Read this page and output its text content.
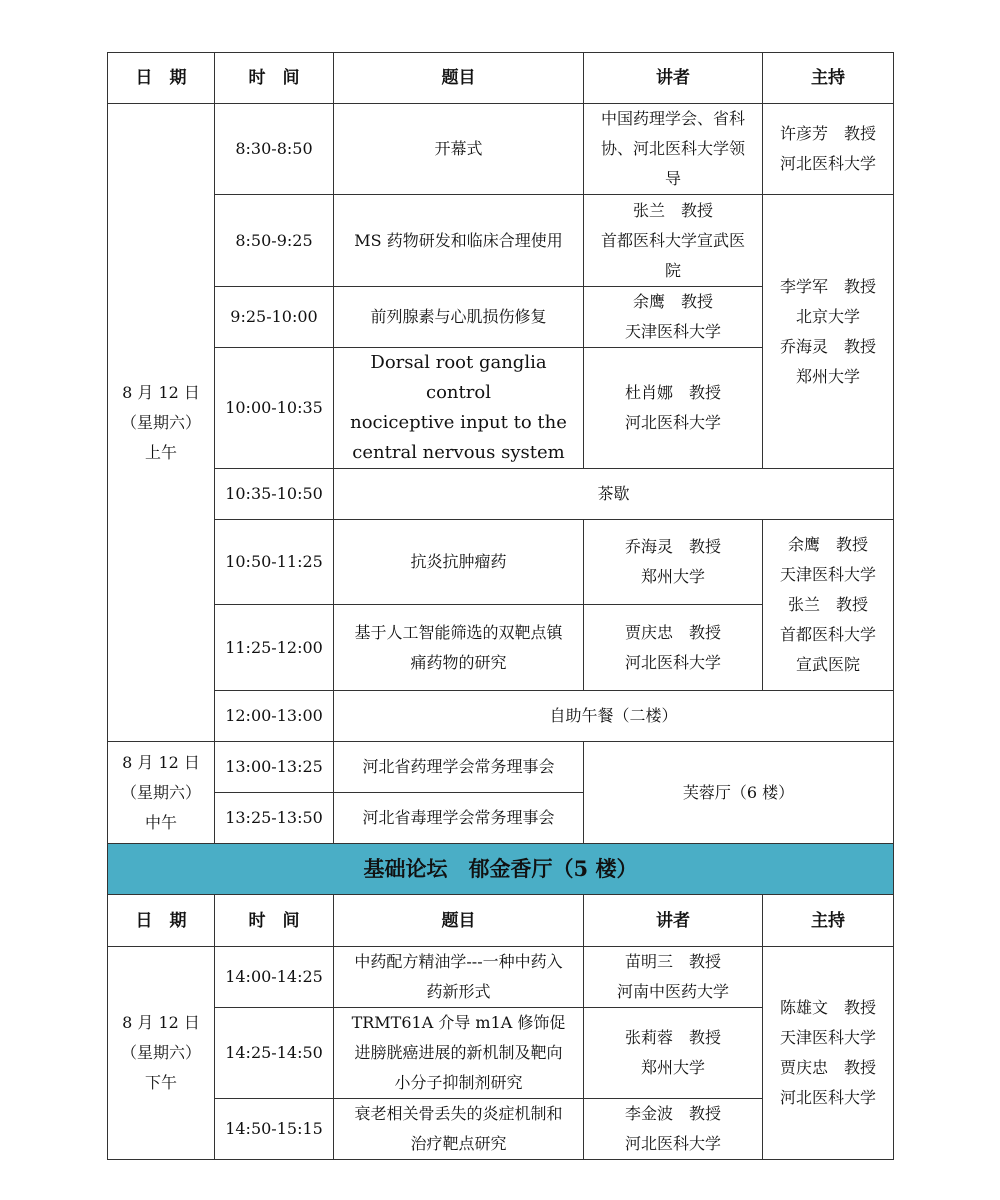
日　期	时　间	题目	讲者	主持

8 月 12 日
（星期六）
上午	8:30-8:50	开幕式	中国药理学会、省科
协、河北医科大学领
导	许彦芳　教授
河北医科大学

	8:50-9:25	MS 药物研发和临床合理使用	张兰　教授
首都医科大学宣武医
院	李学军　教授
北京大学
乔海灵　教授
郑州大学

	9:25-10:00	前列腺素与心肌损伤修复	余鹰　教授
天津医科大学	

	10:00-10:35	Dorsal root ganglia control
nociceptive input to the
central nervous system	杜肖娜　教授
河北医科大学	

	10:35-10:50	茶歇		
	10:50-11:25	抗炎抗肿瘤药	乔海灵　教授
郑州大学	余鹰　教授
天津医科大学
张兰　教授
首都医科大学
宣武医院

	11:25-12:00	基于人工智能筛选的双靶点镇
痛药物的研究	贾庆忠　教授
河北医科大学	

	12:00-13:00	自助午餐（二楼）		

8 月 12 日
（星期六）
中午	13:00-13:25	河北省药理学会常务理事会	芙蓉厅（6 楼）	
	13:25-13:50	河北省毒理学会常务理事会		
基础论坛　郁金香厅（5 楼）				
日　期	时　间	题目	讲者	主持

8 月 12 日
（星期六）
下午	14:00-14:25	中药配方精油学---一种中药入
药新形式	苗明三　教授
河南中医药大学	陈雄文　教授
天津医科大学
贾庆忠　教授
河北医科大学

	14:25-14:50	TRMT61A 介导 m1A 修饰促
进膀胱癌进展的新机制及靶向
小分子抑制剂研究	张莉蓉　教授
郑州大学	

	14:50-15:15	衰老相关骨丢失的炎症机制和
治疗靶点研究	李金波　教授
河北医科大学	
